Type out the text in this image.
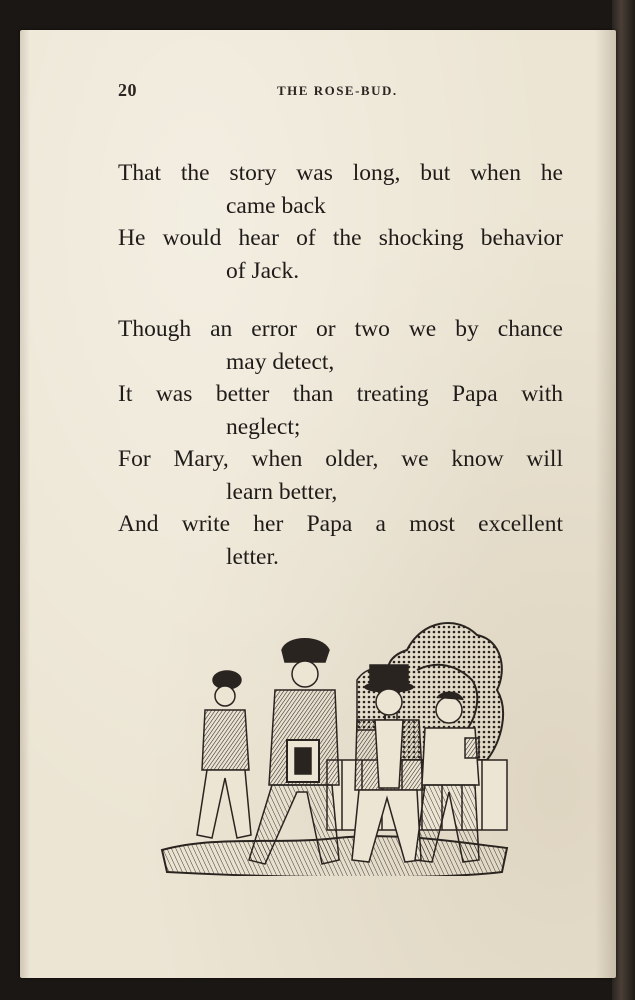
20	THE ROSE-BUD.
That the story was long, but when he
came back
He would hear of the shocking behavior
of Jack.
Though an error or two we by chance
may detect,
It was better than treating Papa with
neglect;
For Mary, when older, we know will
learn better,
And write her Papa a most excellent
letter.
